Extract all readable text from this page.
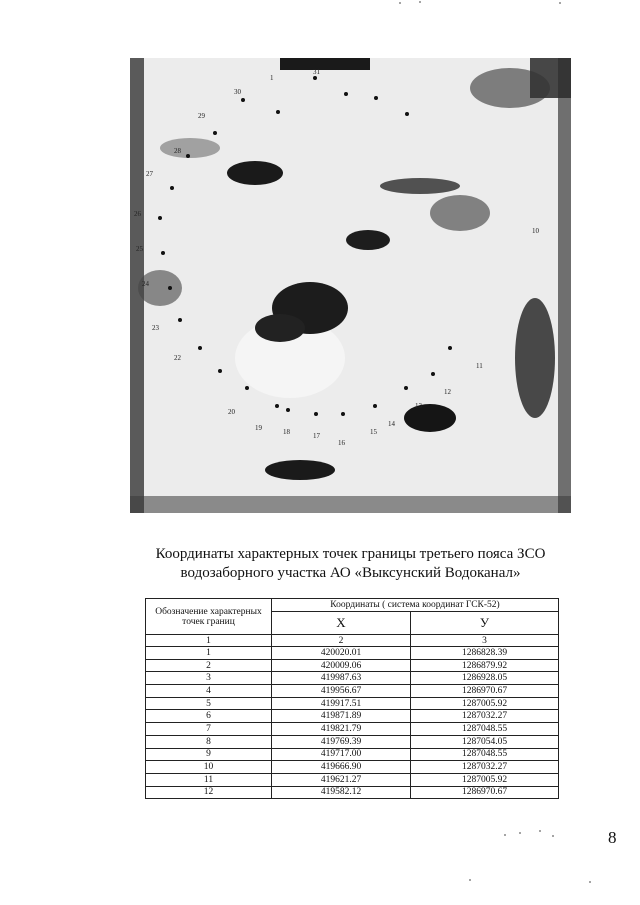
31
1
30
29
28
27
26
25
24
23
22
20
19	18	17
16
15
14
13
12
11
10
Координаты характерных точек границы третьего пояса ЗСО
водозаборного участка АО «Выксунский Водоканал»
Обозначение характерных точек границ	Координаты ( система координат ГСК-52)	
	X	У
1	2	3
1	420020.01	1286828.39
2	420009.06	1286879.92
3	419987.63	1286928.05
4	419956.67	1286970.67
5	419917.51	1287005.92
6	419871.89	1287032.27
7	419821.79	1287048.55
8	419769.39	1287054.05
9	419717.00	1287048.55
10	419666.90	1287032.27
11	419621.27	1287005.92
12	419582.12	1286970.67
8
